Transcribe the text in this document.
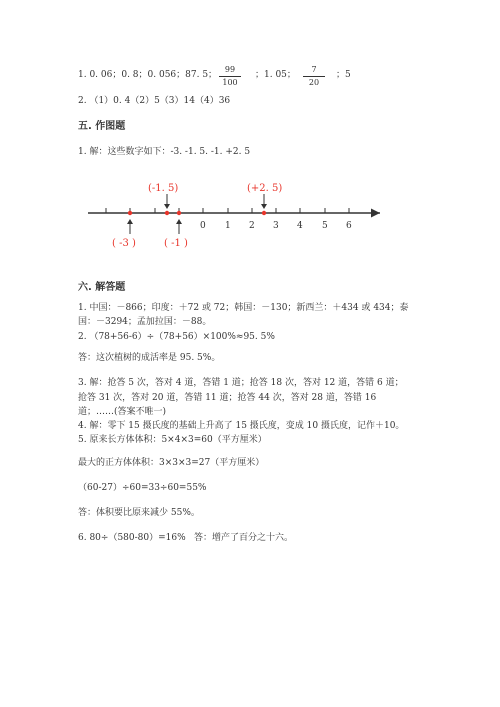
1. 0. 06；0. 8；0. 056；87. 5；
99
100
；1. 05；
7
20
；5
2. （1）0. 4（2）5（3）14（4）36
五. 作图题
1. 解：这些数字如下：-3. -1. 5. -1. +2. 5
0 1 2 3 4 5 6
(-1. 5)	(+2. 5)
( -3 )	( -1 )
六. 解答题
1. 中国：－866；印度：＋72 或 72；韩国：－130；新西兰：＋434 或 434；泰
国：－3294；孟加拉国：－88。
2. （78+56-6）÷（78+56）×100%≈95. 5%
答：这次植树的成活率是 95. 5%。
3. 解：抢答 5 次，答对 4 道，答错 1 道；抢答 18 次，答对 12 道，答错 6 道；
抢答 31 次，答对 20 道，答错 11 道；抢答 44 次，答对 28 道，答错 16
道；……(答案不唯一)
4. 解：零下 15 摄氏度的基础上升高了 15 摄氏度，变成 10 摄氏度，记作＋10。
5. 原来长方体体积：5×4×3=60（平方厘米）
最大的正方体体积：3×3×3=27（平方厘米）
（60-27）÷60=33÷60=55%
答：体积要比原来减少 55%。
6. 80÷（580-80）=16% 答：增产了百分之十六。
